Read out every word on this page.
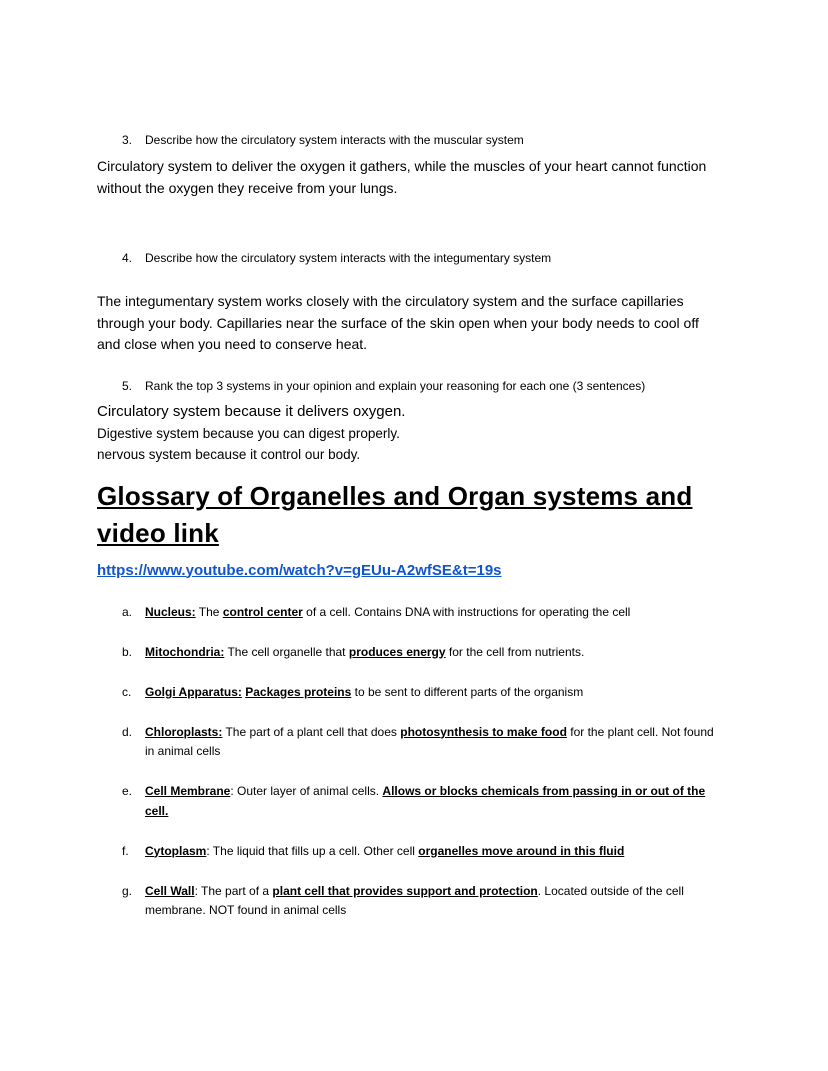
3.	Describe how the circulatory system interacts with the muscular system

Circulatory system to deliver the oxygen it gathers, while the muscles of your heart cannot function without the oxygen they receive from your lungs.

4.	Describe how the circulatory system interacts with the integumentary system

The integumentary system works closely with the circulatory system and the surface capillaries through your body. Capillaries near the surface of the skin open when your body needs to cool off and close when you need to conserve heat.

5.	Rank the top 3 systems in your opinion and explain your reasoning for each one (3 sentences)

Circulatory system because it delivers oxygen.

Digestive system because you can digest properly.

nervous system because it control our body.

Glossary of Organelles and Organ systems and video link
https://www.youtube.com/watch?v=gEUu-A2wfSE&t=19s
a.	Nucleus: The control center of a cell. Contains DNA with instructions for operating the cell
b.	Mitochondria: The cell organelle that produces energy for the cell from nutrients.
c.	Golgi Apparatus: Packages proteins to be sent to different parts of the organism
d.	Chloroplasts: The part of a plant cell that does photosynthesis to make food for the plant cell. Not found in animal cells
e.	Cell Membrane: Outer layer of animal cells. Allows or blocks chemicals from passing in or out of the cell.
f.	Cytoplasm: The liquid that fills up a cell. Other cell organelles move around in this fluid
g.	Cell Wall: The part of a plant cell that provides support and protection. Located outside of the cell membrane. NOT found in animal cells
